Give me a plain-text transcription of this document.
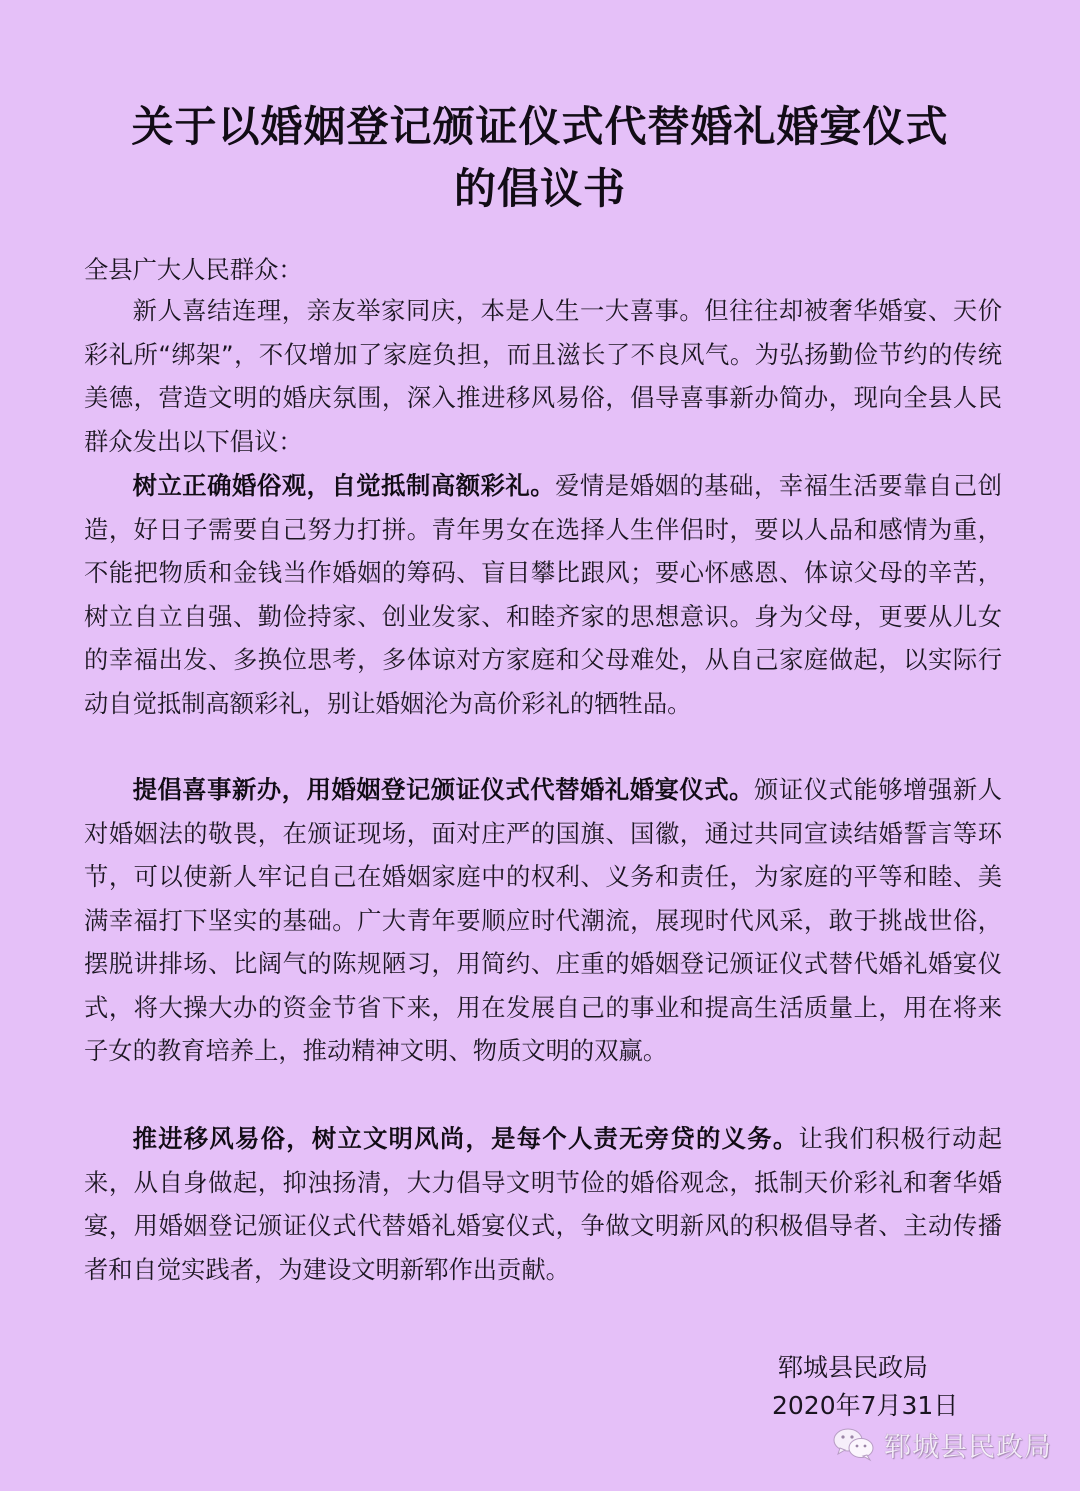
关于以婚姻登记颁证仪式代替婚礼婚宴仪式
的倡议书

全县广大人民群众：

新人喜结连理，亲友举家同庆，本是人生一大喜事。但往往却被奢华婚宴、天价彩礼所“绑架”，不仅增加了家庭负担，而且滋长了不良风气。为弘扬勤俭节约的传统美德，营造文明的婚庆氛围，深入推进移风易俗，倡导喜事新办简办，现向全县人民群众发出以下倡议：

树立正确婚俗观，自觉抵制高额彩礼。爱情是婚姻的基础，幸福生活要靠自己创造，好日子需要自己努力打拼。青年男女在选择人生伴侣时，要以人品和感情为重，不能把物质和金钱当作婚姻的筹码、盲目攀比跟风；要心怀感恩、体谅父母的辛苦，树立自立自强、勤俭持家、创业发家、和睦齐家的思想意识。身为父母，更要从儿女的幸福出发、多换位思考，多体谅对方家庭和父母难处，从自己家庭做起，以实际行动自觉抵制高额彩礼，别让婚姻沦为高价彩礼的牺牲品。

提倡喜事新办，用婚姻登记颁证仪式代替婚礼婚宴仪式。颁证仪式能够增强新人对婚姻法的敬畏，在颁证现场，面对庄严的国旗、国徽，通过共同宣读结婚誓言等环节，可以使新人牢记自己在婚姻家庭中的权利、义务和责任，为家庭的平等和睦、美满幸福打下坚实的基础。广大青年要顺应时代潮流，展现时代风采，敢于挑战世俗，摆脱讲排场、比阔气的陈规陋习，用简约、庄重的婚姻登记颁证仪式替代婚礼婚宴仪式，将大操大办的资金节省下来，用在发展自己的事业和提高生活质量上，用在将来子女的教育培养上，推动精神文明、物质文明的双赢。

推进移风易俗，树立文明风尚，是每个人责无旁贷的义务。让我们积极行动起来，从自身做起，抑浊扬清，大力倡导文明节俭的婚俗观念，抵制天价彩礼和奢华婚宴，用婚姻登记颁证仪式代替婚礼婚宴仪式，争做文明新风的积极倡导者、主动传播者和自觉实践者，为建设文明新郓作出贡献。

郓城县民政局

2020年7月31日

郓城县民政局
